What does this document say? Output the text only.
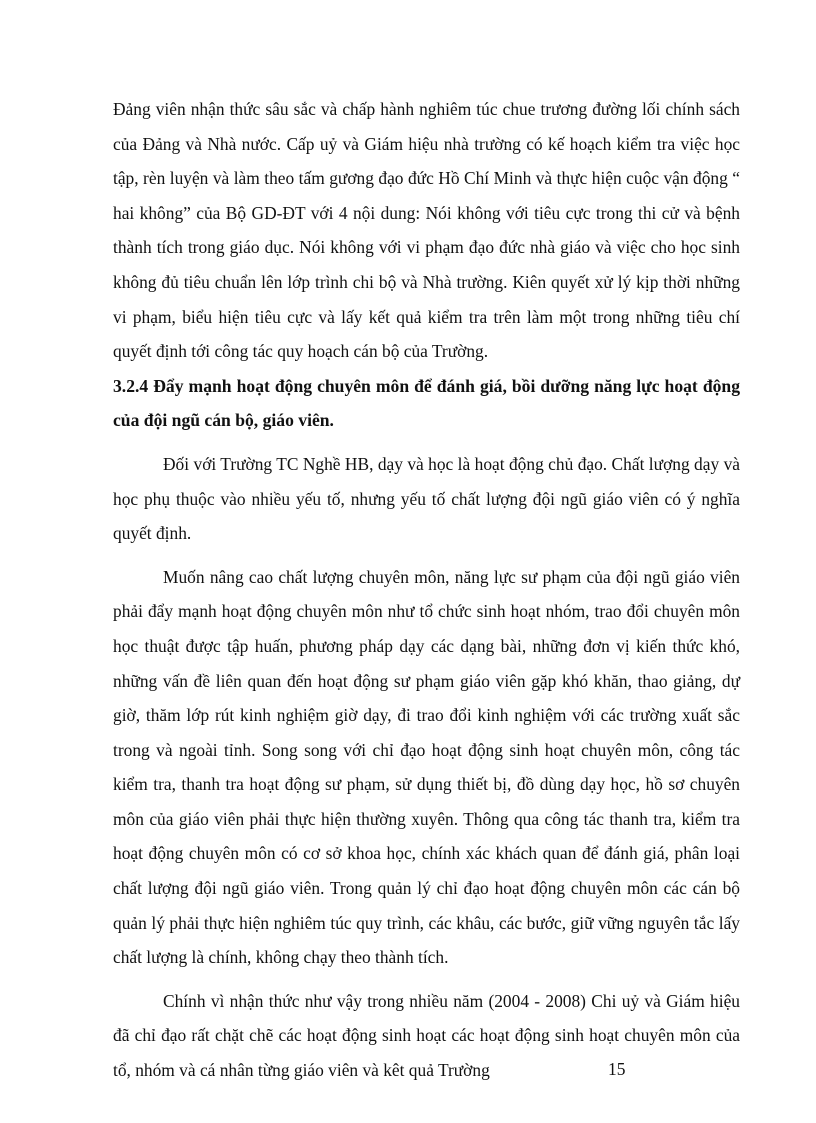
Đảng viên nhận thức sâu sắc và chấp hành nghiêm túc chue trương đường lối chính sách của Đảng và Nhà nước. Cấp uỷ và Giám hiệu nhà trường có kế hoạch kiểm tra việc học tập, rèn luyện và làm theo tấm gương đạo đức Hồ Chí Minh và thực hiện cuộc vận động “ hai không” của Bộ GD-ĐT với 4 nội dung: Nói không với tiêu cực trong thi cử và bệnh thành tích trong giáo dục. Nói không với vi phạm đạo đức nhà giáo và việc cho học sinh không đủ tiêu chuẩn lên lớp trình chi bộ và Nhà trường. Kiên quyết xử lý kịp thời những vi phạm, biểu hiện tiêu cực và lấy kết quả kiểm tra trên làm một trong những tiêu chí quyết định tới công tác quy hoạch cán bộ của Trường.

3.2.4 Đẩy mạnh hoạt động chuyên môn để đánh giá, bồi dưỡng năng lực hoạt động của đội ngũ cán bộ, giáo viên.

Đối với Trường TC Nghề HB, dạy và học là hoạt động chủ đạo. Chất lượng dạy và học phụ thuộc vào nhiều yếu tố, nhưng yếu tố chất lượng đội ngũ giáo viên có ý nghĩa quyết định.

Muốn nâng cao chất lượng chuyên môn, năng lực sư phạm của đội ngũ giáo viên phải đẩy mạnh hoạt động chuyên môn như tổ chức sinh hoạt nhóm, trao đổi chuyên môn học thuật được tập huấn, phương pháp dạy các dạng bài, những đơn vị kiến thức khó, những vấn đề liên quan đến hoạt động sư phạm giáo viên gặp khó khăn, thao giảng, dự giờ, thăm lớp rút kinh nghiệm giờ dạy, đi trao đổi kinh nghiệm với các trường xuất sắc trong và ngoài tỉnh. Song song với chỉ đạo hoạt động sinh hoạt chuyên môn, công tác kiểm tra, thanh tra hoạt động sư phạm, sử dụng thiết bị, đồ dùng dạy học, hồ sơ chuyên môn của giáo viên phải thực hiện thường xuyên. Thông qua công tác thanh tra, kiểm tra hoạt động chuyên môn có cơ sở khoa học, chính xác khách quan để đánh giá, phân loại chất lượng đội ngũ giáo viên. Trong quản lý chỉ đạo hoạt động chuyên môn các cán bộ quản lý phải thực hiện nghiêm túc quy trình, các khâu, các bước, giữ vững nguyên tắc lấy chất lượng là chính, không chạy theo thành tích.

Chính vì nhận thức như vậy trong nhiều năm (2004 - 2008) Chi uỷ và Giám hiệu đã chỉ đạo rất chặt chẽ các hoạt động sinh hoạt các hoạt động sinh hoạt chuyên môn của tổ, nhóm và cá nhân từng giáo viên và kêt quả Trường	15
